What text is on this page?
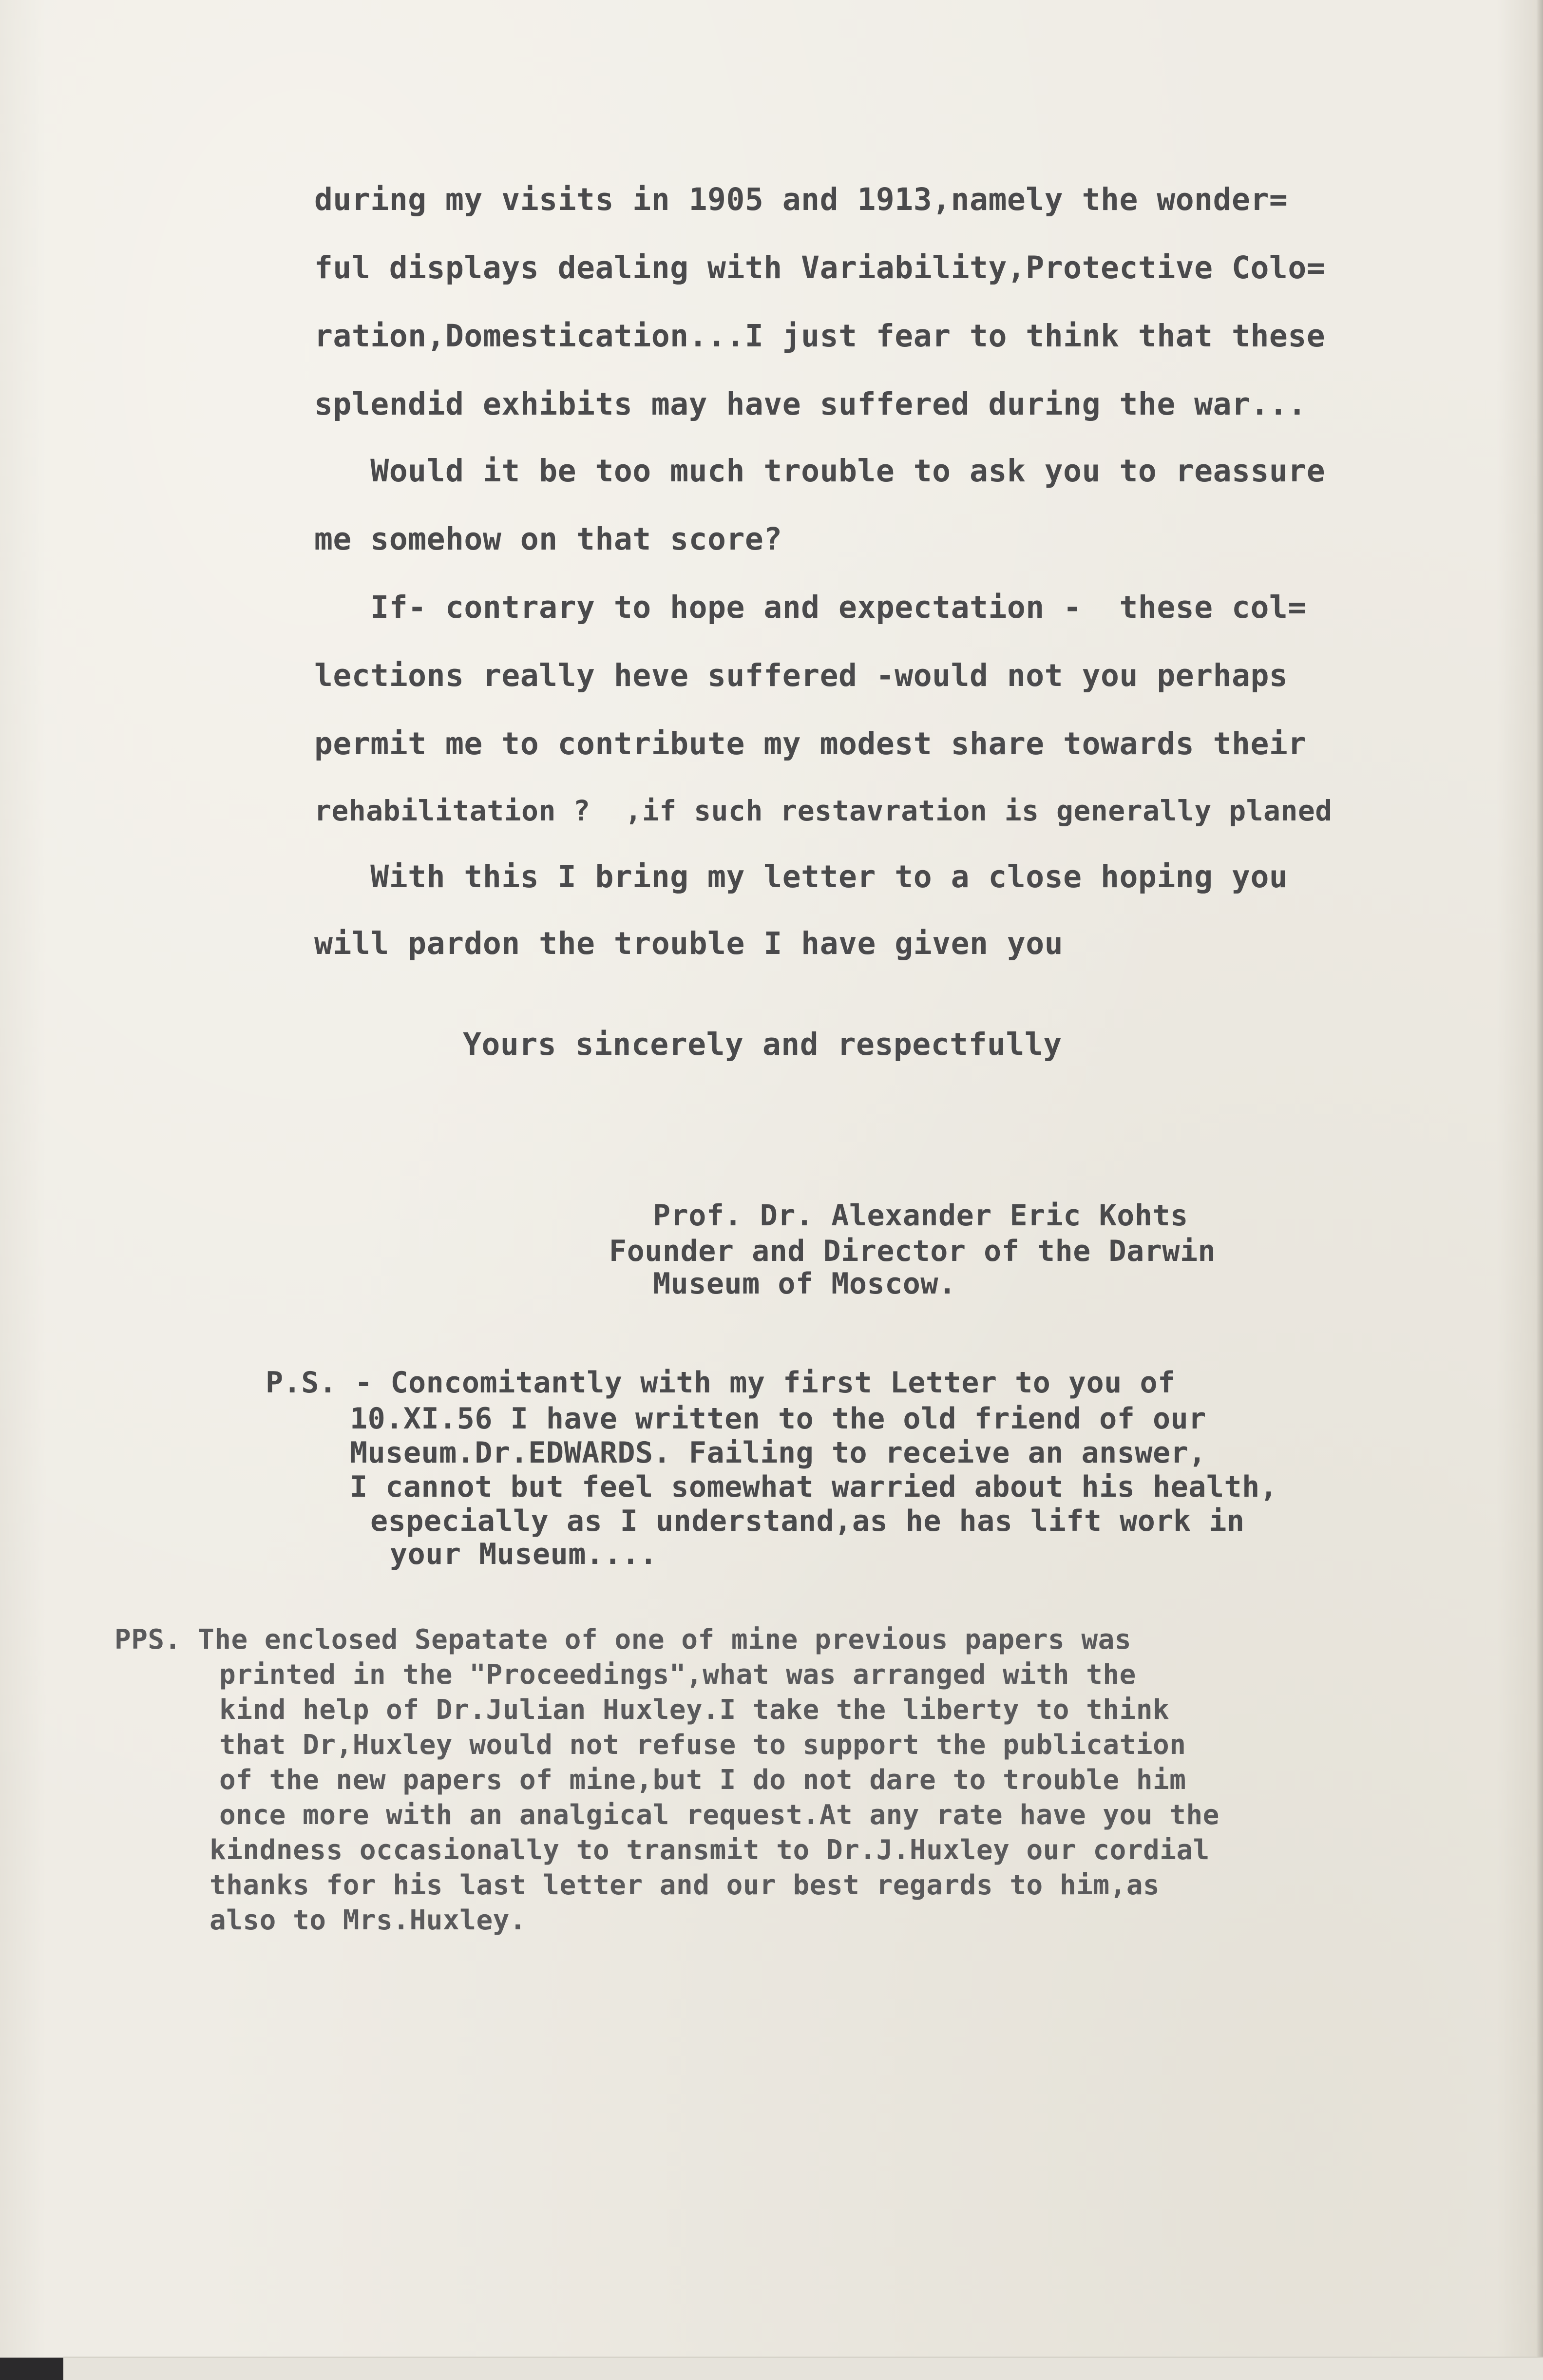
during my visits in 1905 and 1913,namely the wonder=
ful displays dealing with Variability,Protective Colo=
ration,Domestication...I just fear to think that these
splendid exhibits may have suffered during the war...
Would it be too much trouble to ask you to reassure
me somehow on that score?
If- contrary to hope and expectation -  these col=
lections really heve suffered -would not you perhaps
permit me to contribute my modest share towards their
rehabilitation ?  ,if such restavration is generally planed
With this I bring my letter to a close hoping you
will pardon the trouble I have given you
Yours sincerely and respectfully
Prof. Dr. Alexander Eric Kohts
Founder and Director of the Darwin
Museum of Moscow.
P.S. - Concomitantly with my first Letter to you of
10.XI.56 I have written to the old friend of our
Museum.Dr.EDWARDS. Failing to receive an answer,
I cannot but feel somewhat warried about his health,
especially as I understand,as he has lift work in
your Museum....
PPS. The enclosed Sepatate of one of mine previous papers was
printed in the "Proceedings",what was arranged with the
kind help of Dr.Julian Huxley.I take the liberty to think
that Dr,Huxley would not refuse to support the publication
of the new papers of mine,but I do not dare to trouble him
once more with an analgical request.At any rate have you the
kindness occasionally to transmit to Dr.J.Huxley our cordial
thanks for his last letter and our best regards to him,as
also to Mrs.Huxley.
